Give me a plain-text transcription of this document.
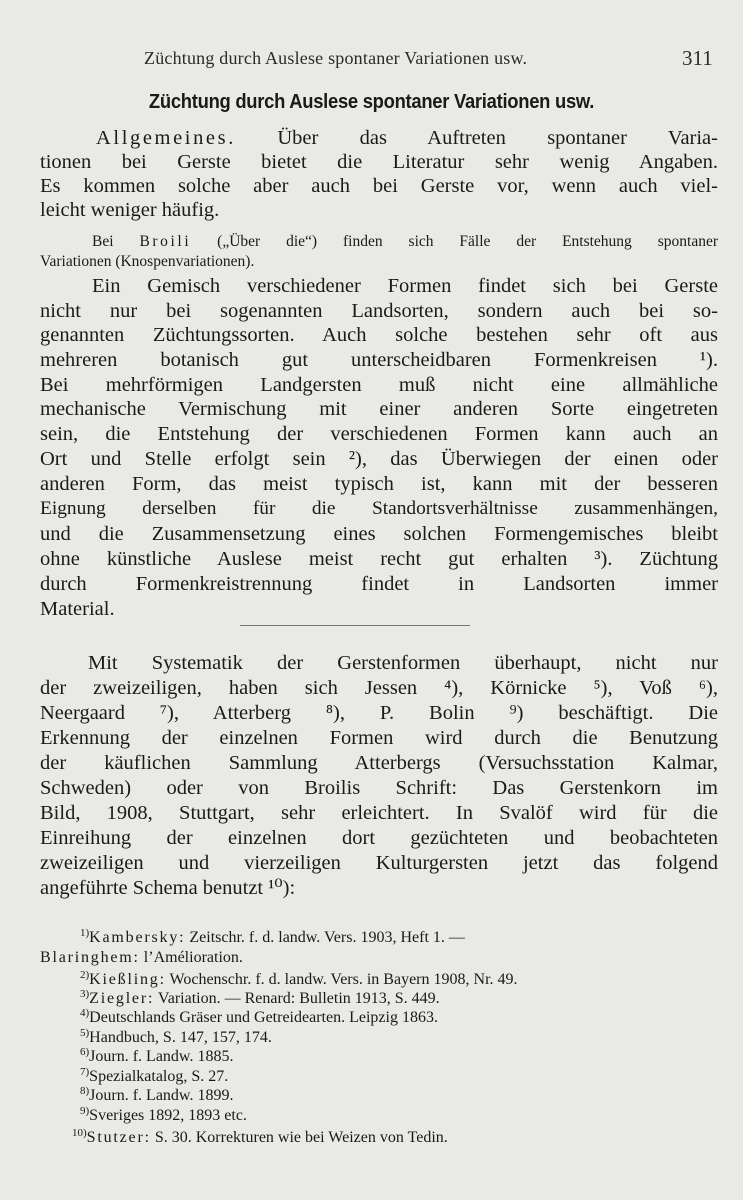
Züchtung durch Auslese spontaner Variationen usw.	311
Züchtung durch Auslese spontaner Variationen usw.
Allgemeines. Über das Auftreten spontaner Varia-
tionen bei Gerste bietet die Literatur sehr wenig Angaben.
Es kommen solche aber auch bei Gerste vor, wenn auch viel-
leicht weniger häufig.
Bei Broili („Über die“) finden sich Fälle der Entstehung spontaner
Variationen (Knospenvariationen).
Ein Gemisch verschiedener Formen findet sich bei Gerste
nicht nur bei sogenannten Landsorten, sondern auch bei so-
genannten Züchtungssorten. Auch solche bestehen sehr oft aus
mehreren botanisch gut unterscheidbaren Formenkreisen ¹).
Bei mehrförmigen Landgersten muß nicht eine allmähliche
mechanische Vermischung mit einer anderen Sorte eingetreten
sein, die Entstehung der verschiedenen Formen kann auch an
Ort und Stelle erfolgt sein ²), das Überwiegen der einen oder
anderen Form, das meist typisch ist, kann mit der besseren
Eignung derselben für die Standortsverhältnisse zusammenhängen,
und die Zusammensetzung eines solchen Formengemisches bleibt
ohne künstliche Auslese meist recht gut erhalten ³). Züchtung
durch Formenkreistrennung findet in Landsorten immer
Material.
Mit Systematik der Gerstenformen überhaupt, nicht nur
der zweizeiligen, haben sich Jessen ⁴), Körnicke ⁵), Voß ⁶),
Neergaard ⁷), Atterberg ⁸), P. Bolin ⁹) beschäftigt. Die
Erkennung der einzelnen Formen wird durch die Benutzung
der käuflichen Sammlung Atterbergs (Versuchsstation Kalmar,
Schweden) oder von Broilis Schrift: Das Gerstenkorn im
Bild, 1908, Stuttgart, sehr erleichtert. In Svalöf wird für die
Einreihung der einzelnen dort gezüchteten und beobachteten
zweizeiligen und vierzeiligen Kulturgersten jetzt das folgend
angeführte Schema benutzt ¹⁰):
$^{1)}$Kambersky: Zeitschr. f. d. landw. Vers. 1903, Heft 1. —
Blaringhem: l’Amélioration.
$^{2)}$Kießling: Wochenschr. f. d. landw. Vers. in Bayern 1908, Nr. 49.
$^{3)}$Ziegler: Variation. — Renard: Bulletin 1913, S. 449.
$^{4)}$Deutschlands Gräser und Getreidearten. Leipzig 1863.
$^{5)}$Handbuch, S. 147, 157, 174.
$^{6)}$Journ. f. Landw. 1885.
$^{7)}$Spezialkatalog, S. 27.
$^{8)}$Journ. f. Landw. 1899.
$^{9)}$Sveriges 1892, 1893 etc.
$^{10)}$Stutzer: S. 30. Korrekturen wie bei Weizen von Tedin.
